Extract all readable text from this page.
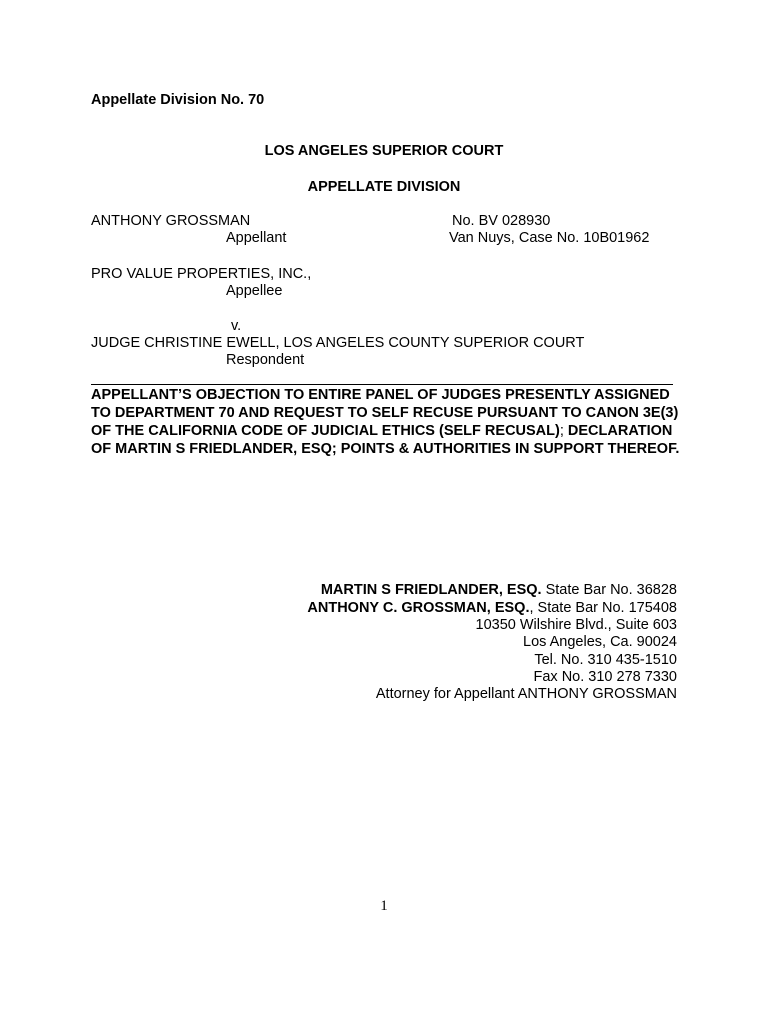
Appellate Division No. 70
LOS ANGELES SUPERIOR COURT
APPELLATE DIVISION
ANTHONY GROSSMAN
Appellant
No. BV 028930
Van Nuys, Case No. 10B01962
PRO VALUE PROPERTIES, INC.,
Appellee
v.
JUDGE CHRISTINE EWELL, LOS ANGELES COUNTY SUPERIOR COURT
Respondent
APPELLANT’S OBJECTION TO ENTIRE PANEL OF JUDGES PRESENTLY ASSIGNED TO DEPARTMENT 70 AND REQUEST TO SELF RECUSE PURSUANT TO CANON 3E(3) OF THE CALIFORNIA CODE OF JUDICIAL ETHICS (SELF RECUSAL); DECLARATION OF MARTIN S FRIEDLANDER, ESQ; POINTS & AUTHORITIES IN SUPPORT THEREOF.
MARTIN S FRIEDLANDER, ESQ. State Bar No. 36828
ANTHONY C. GROSSMAN, ESQ., State Bar No. 175408
10350 Wilshire Blvd., Suite 603
Los Angeles, Ca. 90024
Tel. No. 310 435-1510
Fax No. 310 278 7330
Attorney for Appellant ANTHONY GROSSMAN
1
